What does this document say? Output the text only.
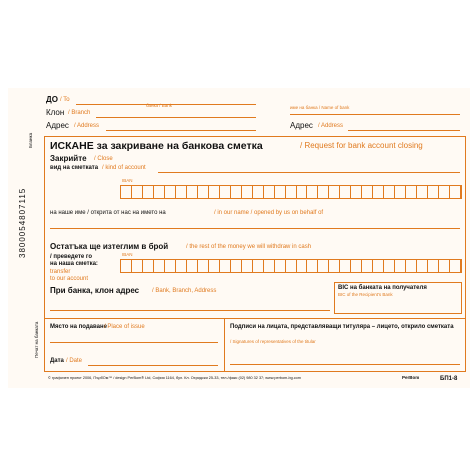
3800054807115
Бланка
Печат на банката
ДО / To
банка / Bank
Клон / Branch
Адрес / Address
име на банка / Name of bank
Адрес / Address
ИСКАНЕ за закриване на банкова сметка	/ Request for bank account closing
Закрийте / Close
вид на сметката / kind of account
IBAN
на наше име / открита от нас на името на	/ in our name / opened by us on behalf of
Остатъка ще изтеглим в брой	/ the rest of the money we will withdraw in cash
/ преведете го
на наша сметка:
transfer
to our account
IBAN
При банка, клон адрес / Bank, Branch, Address	BIC на банката на получателя
BIC of the Recipient's Bank
Място на подаване
/ Place of issue
Дата / Date
Подписи на лицата, представляващи титуляра – лицето, открило сметката
/ Signatures of representatives of the titular
© графичен проект 2006, ПърбОм™ / design PerBom® Ltd, София 1164, бул. Кл. Охридски 25-33, тел./факс (02) 980 32 37; www.perbom-bg.com	PerBom	БП1-8
